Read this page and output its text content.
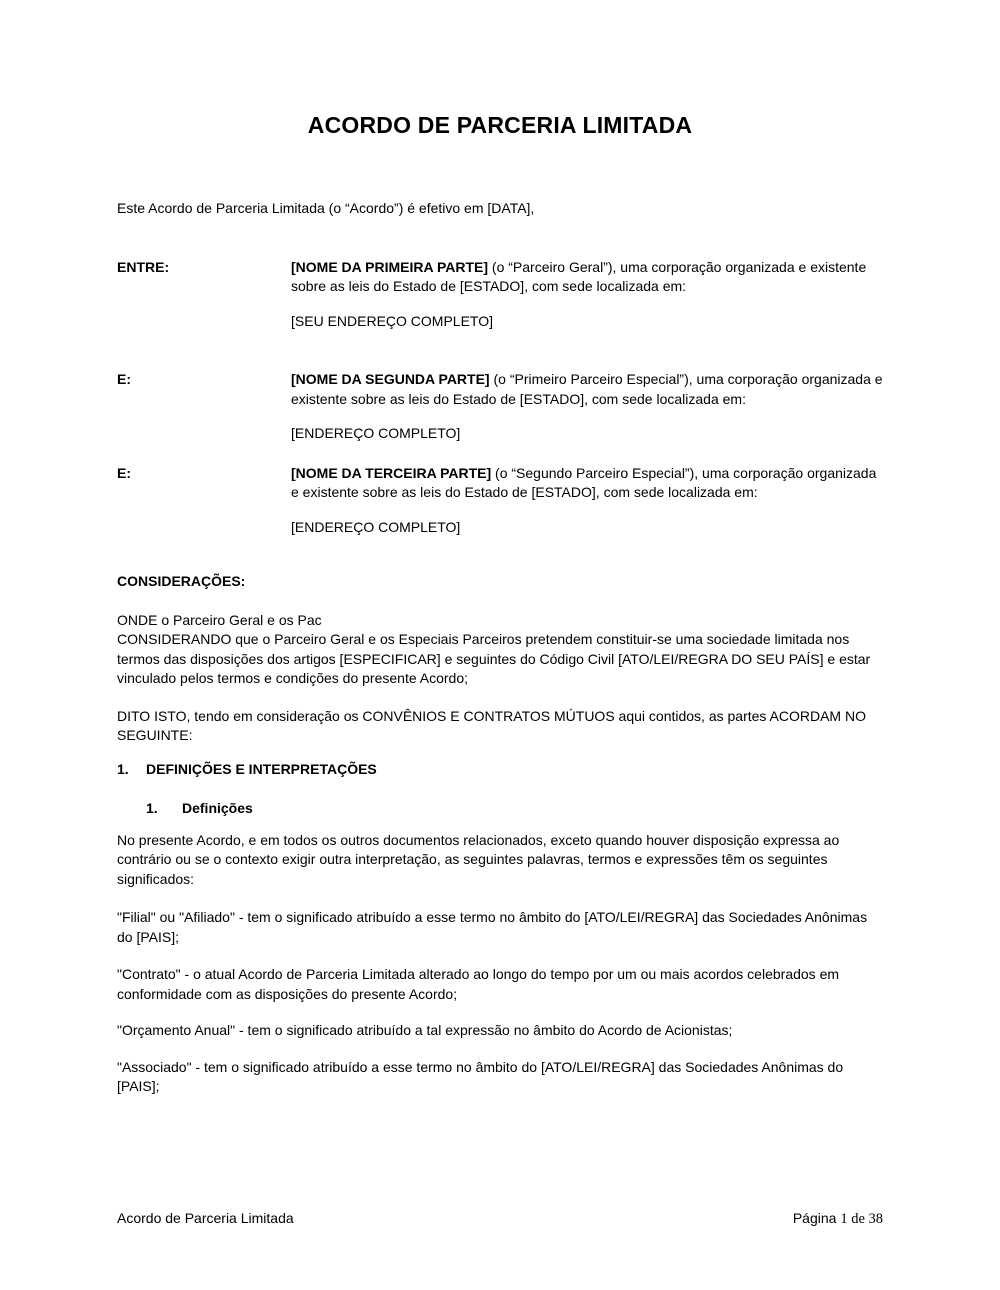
ACORDO DE PARCERIA LIMITADA

Este Acordo de Parceria Limitada (o “Acordo”) é efetivo em [DATA],

ENTRE:	[NOME DA PRIMEIRA PARTE] (o “Parceiro Geral”), uma corporação organizada e existente sobre as leis do Estado de [ESTADO], com sede localizada em:

[SEU ENDEREÇO COMPLETO]

E:	[NOME DA SEGUNDA PARTE] (o “Primeiro Parceiro Especial”), uma corporação organizada e existente sobre as leis do Estado de [ESTADO], com sede localizada em:

[ENDEREÇO COMPLETO]

E:	[NOME DA TERCEIRA PARTE] (o “Segundo Parceiro Especial”), uma corporação organizada e existente sobre as leis do Estado de [ESTADO], com sede localizada em:

[ENDEREÇO COMPLETO]

CONSIDERAÇÕES:
ONDE o Parceiro Geral e os Pac
CONSIDERANDO que o Parceiro Geral e os Especiais Parceiros pretendem constituir-se uma sociedade limitada nos termos das disposições dos artigos [ESPECIFICAR] e seguintes do Código Civil [ATO/LEI/REGRA DO SEU PAÍS] e estar vinculado pelos termos e condições do presente Acordo;

DITO ISTO, tendo em consideração os CONVÊNIOS E CONTRATOS MÚTUOS aqui contidos, as partes ACORDAM NO SEGUINTE:

1.	DEFINIÇÕES E INTERPRETAÇÕES
1.	Definições

No presente Acordo, e em todos os outros documentos relacionados, exceto quando houver disposição expressa ao contrário ou se o contexto exigir outra interpretação, as seguintes palavras, termos e expressões têm os seguintes significados:

"Filial" ou "Afiliado" - tem o significado atribuído a esse termo no âmbito do [ATO/LEI/REGRA] das Sociedades Anônimas do [PAIS];

"Contrato" - o atual Acordo de Parceria Limitada alterado ao longo do tempo por um ou mais acordos celebrados em conformidade com as disposições do presente Acordo;

"Orçamento Anual" - tem o significado atribuído a tal expressão no âmbito do Acordo de Acionistas;

"Associado" - tem o significado atribuído a esse termo no âmbito do [ATO/LEI/REGRA] das Sociedades Anônimas do [PAIS];

Acordo de Parceria Limitada	Página 1 de 38
